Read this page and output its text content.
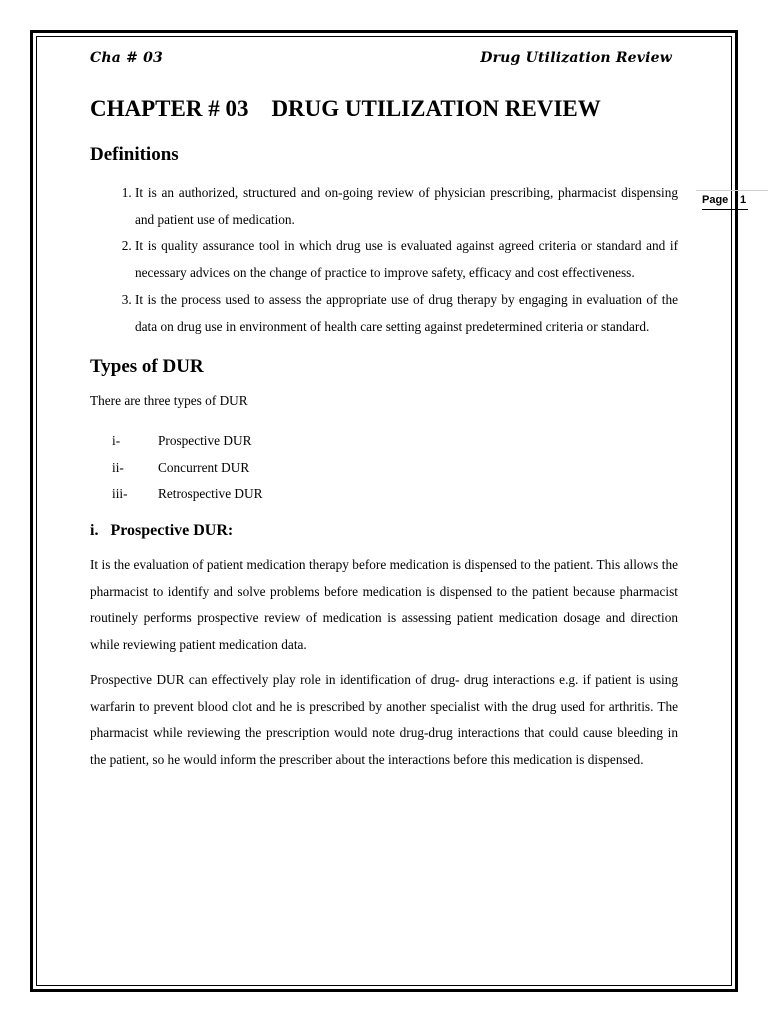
Cha # 03	Drug Utilization Review
Page 1
CHAPTER # 03    DRUG UTILIZATION REVIEW
Definitions
1. It is an authorized, structured and on-going review of physician prescribing, pharmacist dispensing and patient use of medication.
2. It is quality assurance tool in which drug use is evaluated against agreed criteria or standard and if necessary advices on the change of practice to improve safety, efficacy and cost effectiveness.
3. It is the process used to assess the appropriate use of drug therapy by engaging in evaluation of the data on drug use in environment of health care setting against predetermined criteria or standard.
Types of DUR

There are three types of DUR

i-	Prospective DUR
ii-	Concurrent DUR
iii-	Retrospective DUR
i.   Prospective DUR:

It is the evaluation of patient medication therapy before medication is dispensed to the patient. This allows the pharmacist to identify and solve problems before medication is dispensed to the patient because pharmacist routinely performs prospective review of medication is assessing patient medication dosage and direction while reviewing patient medication data.

Prospective DUR can effectively play role in identification of drug- drug interactions e.g. if patient is using warfarin to prevent blood clot and he is prescribed by another specialist with the drug used for arthritis. The pharmacist while reviewing the prescription would note drug-drug interactions that could cause bleeding in the patient, so he would inform the prescriber about the interactions before this medication is dispensed.
